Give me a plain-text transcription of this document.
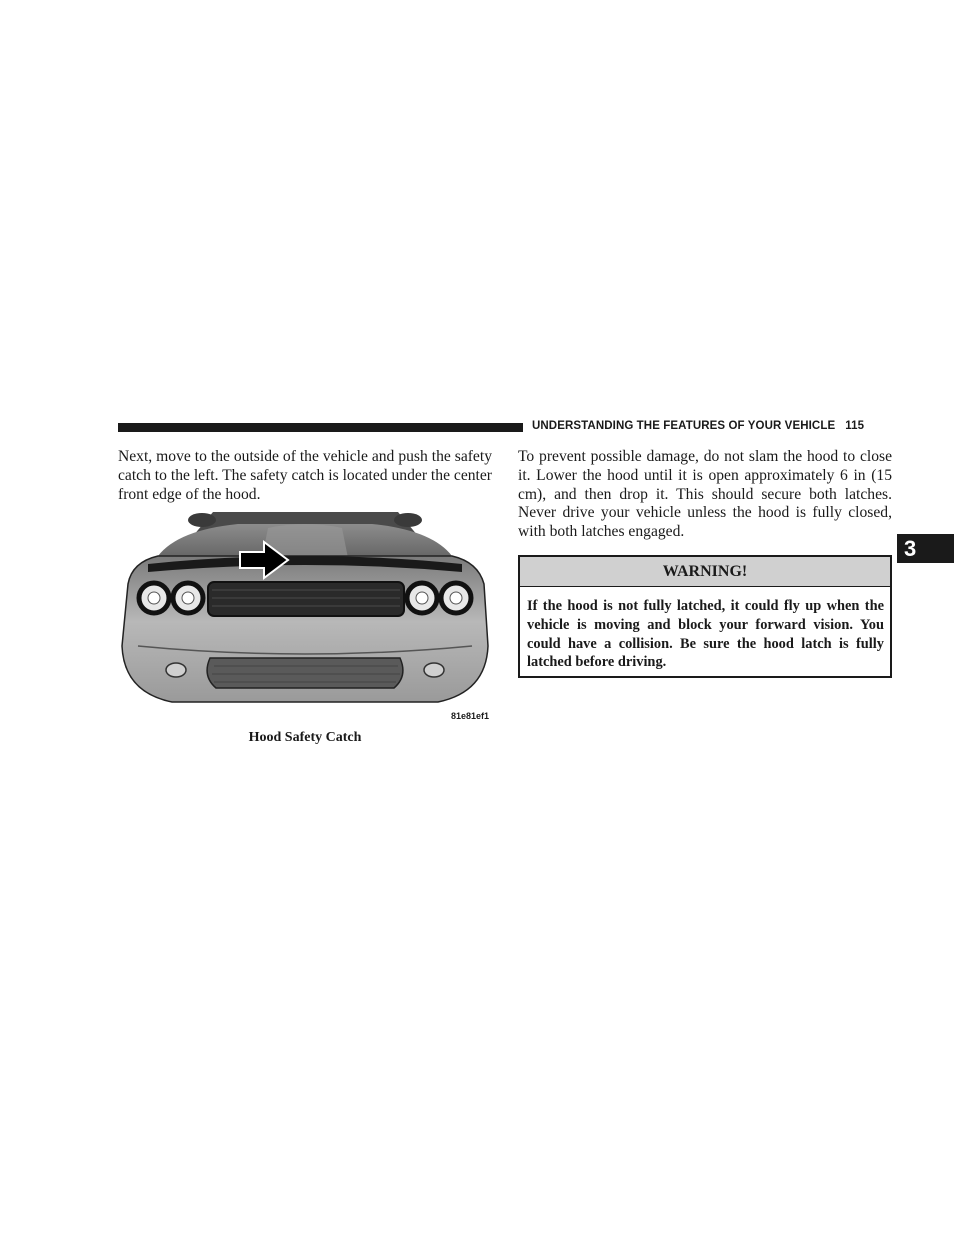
UNDERSTANDING THE FEATURES OF YOUR VEHICLE 115
3

Next, move to the outside of the vehicle and push the safety catch to the left. The safety catch is located under the center front edge of the hood.

81e81ef1
Hood Safety Catch

To prevent possible damage, do not slam the hood to close it. Lower the hood until it is open approximately 6 in (15 cm), and then drop it. This should secure both latches. Never drive your vehicle unless the hood is fully closed, with both latches engaged.

WARNING!

If the hood is not fully latched, it could fly up when the vehicle is moving and block your forward vision. You could have a collision. Be sure the hood latch is fully latched before driving.
